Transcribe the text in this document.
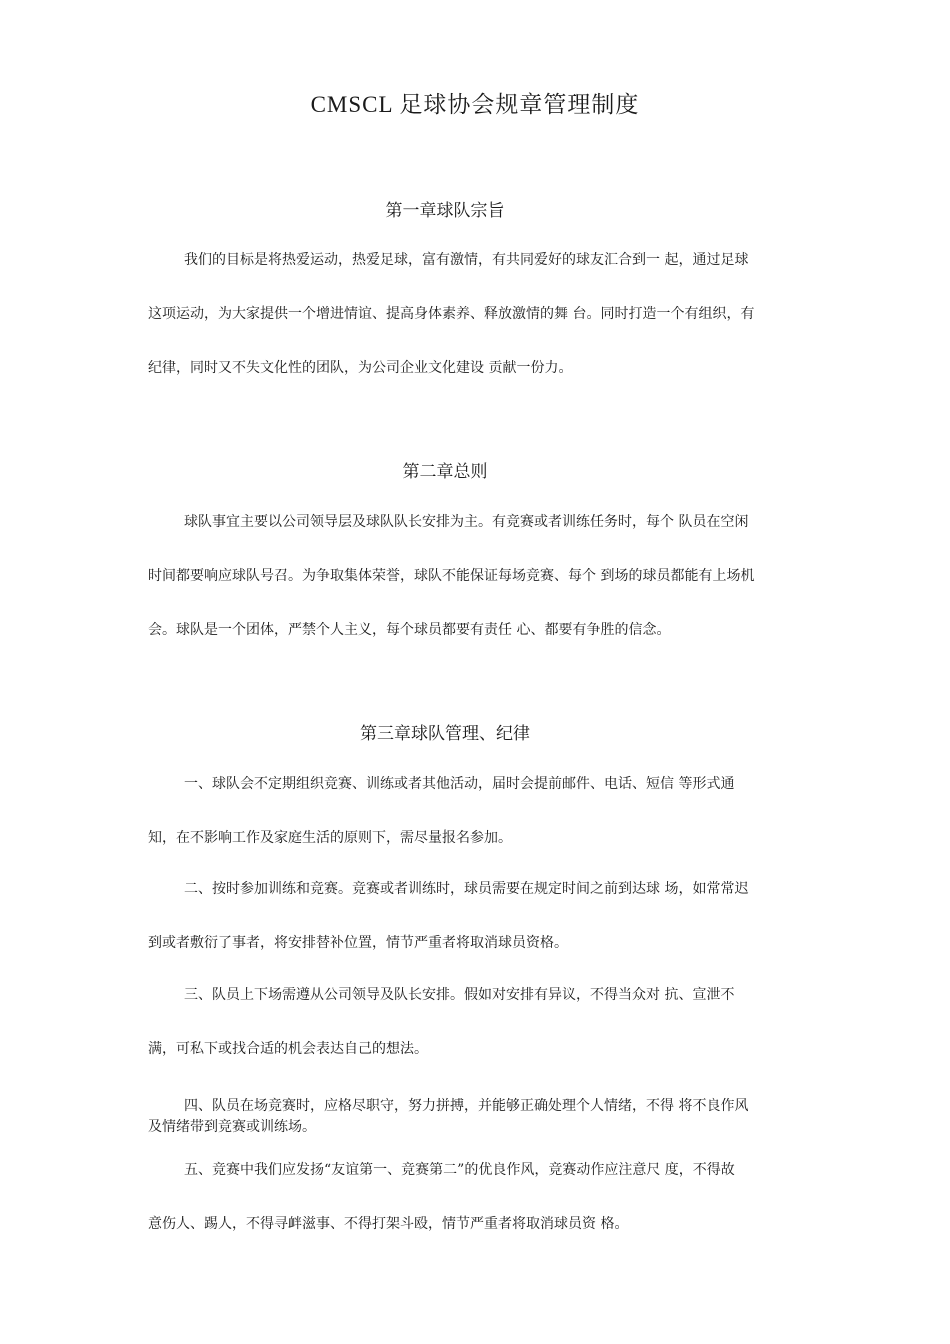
CMSCL 足球协会规章管理制度
第一章球队宗旨
我们的目标是将热爱运动，热爱足球，富有激情，有共同爱好的球友汇合到一 起，通过足球
这项运动，为大家提供一个增进情谊、提高身体素养、释放激情的舞 台。同时打造一个有组织，有
纪律，同时又不失文化性的团队，为公司企业文化建设 贡献一份力。
第二章总则
球队事宜主要以公司领导层及球队队长安排为主。有竞赛或者训练任务时，每个 队员在空闲
时间都要响应球队号召。为争取集体荣誉，球队不能保证每场竞赛、每个 到场的球员都能有上场机
会。球队是一个团体，严禁个人主义，每个球员都要有责任 心、都要有争胜的信念。
第三章球队管理、纪律
一、球队会不定期组织竞赛、训练或者其他活动，届时会提前邮件、电话、短信 等形式通
知，在不影响工作及家庭生活的原则下，需尽量报名参加。
二、按时参加训练和竞赛。竞赛或者训练时，球员需要在规定时间之前到达球 场，如常常迟
到或者敷衍了事者，将安排替补位置，情节严重者将取消球员资格。
三、队员上下场需遵从公司领导及队长安排。假如对安排有异议，不得当众对 抗、宣泄不
满，可私下或找合适的机会表达自己的想法。
四、队员在场竞赛时，应格尽职守，努力拼搏，并能够正确处理个人情绪，不得 将不良作风
及情绪带到竞赛或训练场。
五、竞赛中我们应发扬“友谊第一、竞赛第二”的优良作风，竞赛动作应注意尺 度，不得故
意伤人、踢人，不得寻衅滋事、不得打架斗殴，情节严重者将取消球员资 格。
